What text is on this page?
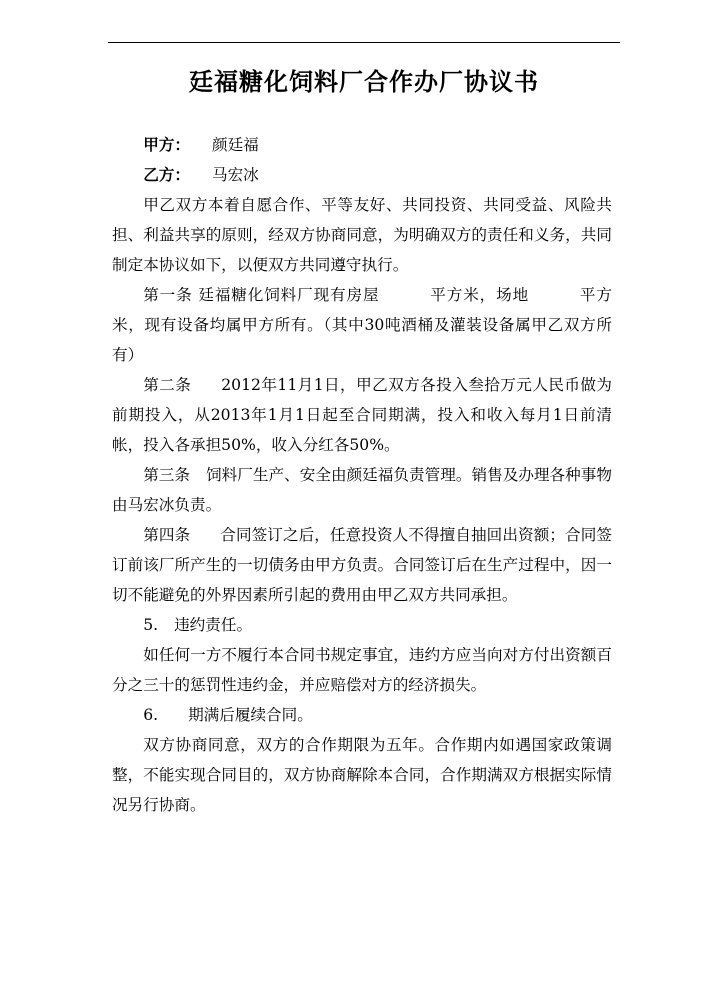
廷福糖化饲料厂合作办厂协议书

甲方： 颜廷福

乙方： 马宏冰

甲乙双方本着自愿合作、平等友好、共同投资、共同受益、风险共担、利益共享的原则，经双方协商同意，为明确双方的责任和义务，共同制定本协议如下，以便双方共同遵守执行。

第一条 廷福糖化饲料厂现有房屋	平方米，场地	平方米，现有设备均属甲方所有。（其中30吨酒桶及灌装设备属甲乙双方所有）

第二条 2012年11月1日，甲乙双方各投入叁拾万元人民币做为前期投入，从2013年1月1日起至合同期满，投入和收入每月1日前清帐，投入各承担50%，收入分红各50%。

第三条 饲料厂生产、安全由颜廷福负责管理。销售及办理各种事物由马宏冰负责。

第四条 合同签订之后，任意投资人不得擅自抽回出资额；合同签订前该厂所产生的一切债务由甲方负责。合同签订后在生产过程中，因一切不能避免的外界因素所引起的费用由甲乙双方共同承担。

5. 违约责任。

如任何一方不履行本合同书规定事宜，违约方应当向对方付出资额百分之三十的惩罚性违约金，并应赔偿对方的经济损失。

6. 期满后履续合同。

双方协商同意，双方的合作期限为五年。合作期内如遇国家政策调整，不能实现合同目的，双方协商解除本合同，合作期满双方根据实际情况另行协商。
